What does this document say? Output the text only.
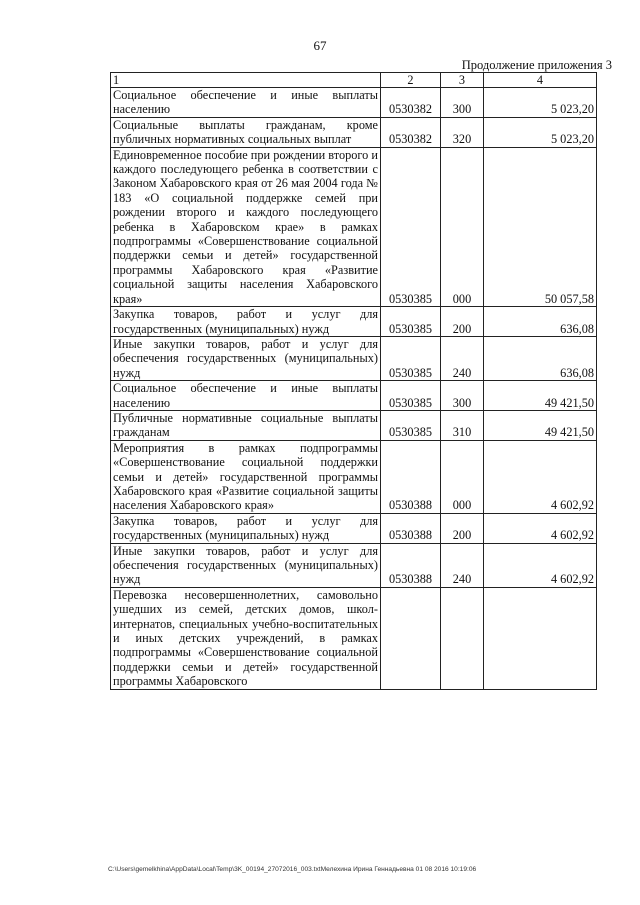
67
Продолжение приложения 3
1	2	3	4
Социальное обеспечение и иные выплаты населению	0530382	300	5 023,20
Социальные выплаты гражданам, кроме публичных нормативных социальных выплат	0530382	320	5 023,20
Единовременное пособие при рождении второго и каждого последующего ребенка в соответствии с Законом Хабаровского края от 26 мая 2004 года № 183 «О социальной поддержке семей при рождении второго и каждого последующего ребенка в Хабаровском крае» в рамках подпрограммы «Совершенствование социальной поддержки семьи и детей» государственной программы Хабаровского края «Развитие социальной защиты населения Хабаровского края»	0530385	000	50 057,58
Закупка товаров, работ и услуг для государственных (муниципальных) нужд	0530385	200	636,08
Иные закупки товаров, работ и услуг для обеспечения государственных (муниципальных) нужд	0530385	240	636,08
Социальное обеспечение и иные выплаты населению	0530385	300	49 421,50
Публичные нормативные социальные выплаты гражданам	0530385	310	49 421,50
Мероприятия в рамках подпрограммы «Совершенствование социальной поддержки семьи и детей» государственной программы Хабаровского края «Развитие социальной защиты населения Хабаровского края»	0530388	000	4 602,92
Закупка товаров, работ и услуг для государственных (муниципальных) нужд	0530388	200	4 602,92
Иные закупки товаров, работ и услуг для обеспечения государственных (муниципальных) нужд	0530388	240	4 602,92
Перевозка несовершеннолетних, самовольно ушедших из семей, детских домов, школ-интернатов, специальных учебно-воспитательных и иных детских учреждений, в рамках подпрограммы «Совершенствование социальной поддержки семьи и детей» государственной программы Хабаровского			
C:\Users\gemelkhina\AppData\Local\Temp\3K_00194_27072016_003.txtМелехина Ирина Геннадьевна 01 08 2016 10:19:06
